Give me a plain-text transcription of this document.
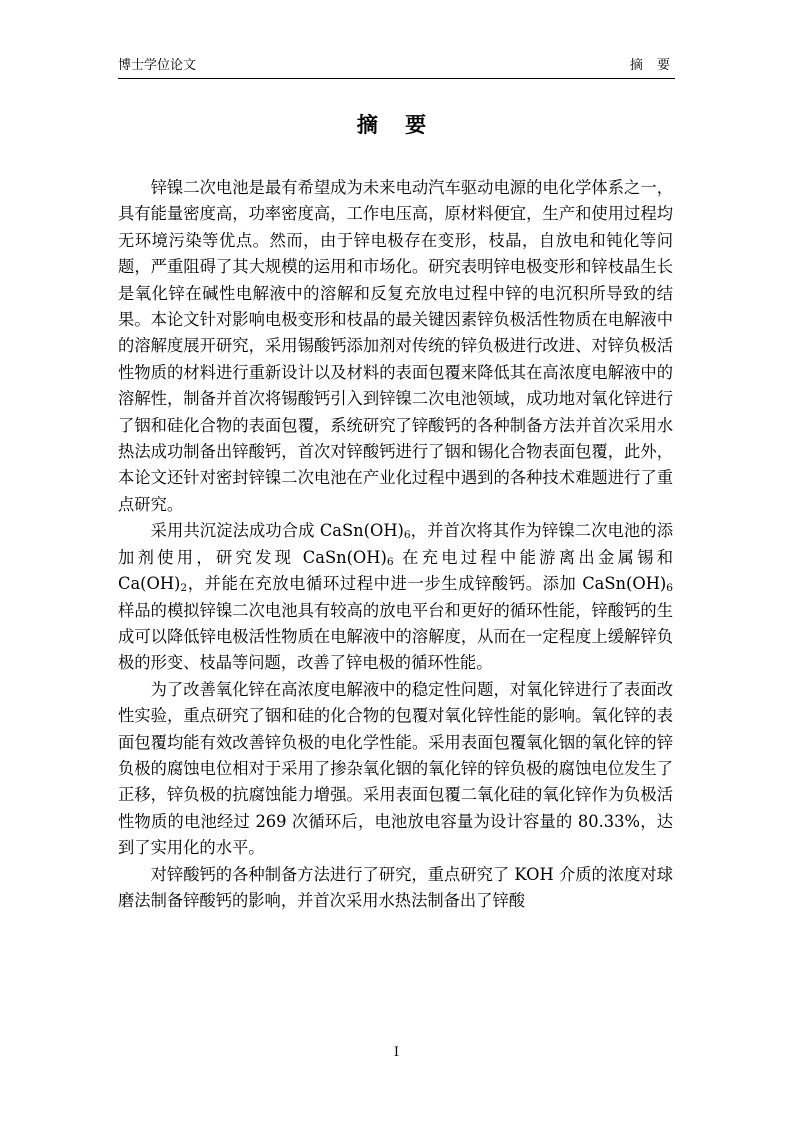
博士学位论文	摘 要
摘 要

锌镍二次电池是最有希望成为未来电动汽车驱动电源的电化学体系之一，具有能量密度高，功率密度高，工作电压高，原材料便宜，生产和使用过程均无环境污染等优点。然而，由于锌电极存在变形，枝晶，自放电和钝化等问题，严重阻碍了其大规模的运用和市场化。研究表明锌电极变形和锌枝晶生长是氧化锌在碱性电解液中的溶解和反复充放电过程中锌的电沉积所导致的结果。本论文针对影响电极变形和枝晶的最关键因素锌负极活性物质在电解液中的溶解度展开研究，采用锡酸钙添加剂对传统的锌负极进行改进、对锌负极活性物质的材料进行重新设计以及材料的表面包覆来降低其在高浓度电解液中的溶解性，制备并首次将锡酸钙引入到锌镍二次电池领域，成功地对氧化锌进行了铟和硅化合物的表面包覆，系统研究了锌酸钙的各种制备方法并首次采用水热法成功制备出锌酸钙，首次对锌酸钙进行了铟和锡化合物表面包覆，此外，本论文还针对密封锌镍二次电池在产业化过程中遇到的各种技术难题进行了重点研究。

采用共沉淀法成功合成 $CaSn(OH)_6$，并首次将其作为锌镍二次电池的添加剂使用，研究发现 $CaSn(OH)_6$ 在充电过程中能游离出金属锡和 $Ca(OH)_2$，并能在充放电循环过程中进一步生成锌酸钙。添加 $CaSn(OH)_6$ 样品的模拟锌镍二次电池具有较高的放电平台和更好的循环性能，锌酸钙的生成可以降低锌电极活性物质在电解液中的溶解度，从而在一定程度上缓解锌负极的形变、枝晶等问题，改善了锌电极的循环性能。

为了改善氧化锌在高浓度电解液中的稳定性问题，对氧化锌进行了表面改性实验，重点研究了铟和硅的化合物的包覆对氧化锌性能的影响。氧化锌的表面包覆均能有效改善锌负极的电化学性能。采用表面包覆氧化铟的氧化锌的锌负极的腐蚀电位相对于采用了掺杂氧化铟的氧化锌的锌负极的腐蚀电位发生了正移，锌负极的抗腐蚀能力增强。采用表面包覆二氧化硅的氧化锌作为负极活性物质的电池经过 269 次循环后，电池放电容量为设计容量的 80.33%，达到了实用化的水平。

对锌酸钙的各种制备方法进行了研究，重点研究了 KOH 介质的浓度对球磨法制备锌酸钙的影响，并首次采用水热法制备出了锌酸

I
